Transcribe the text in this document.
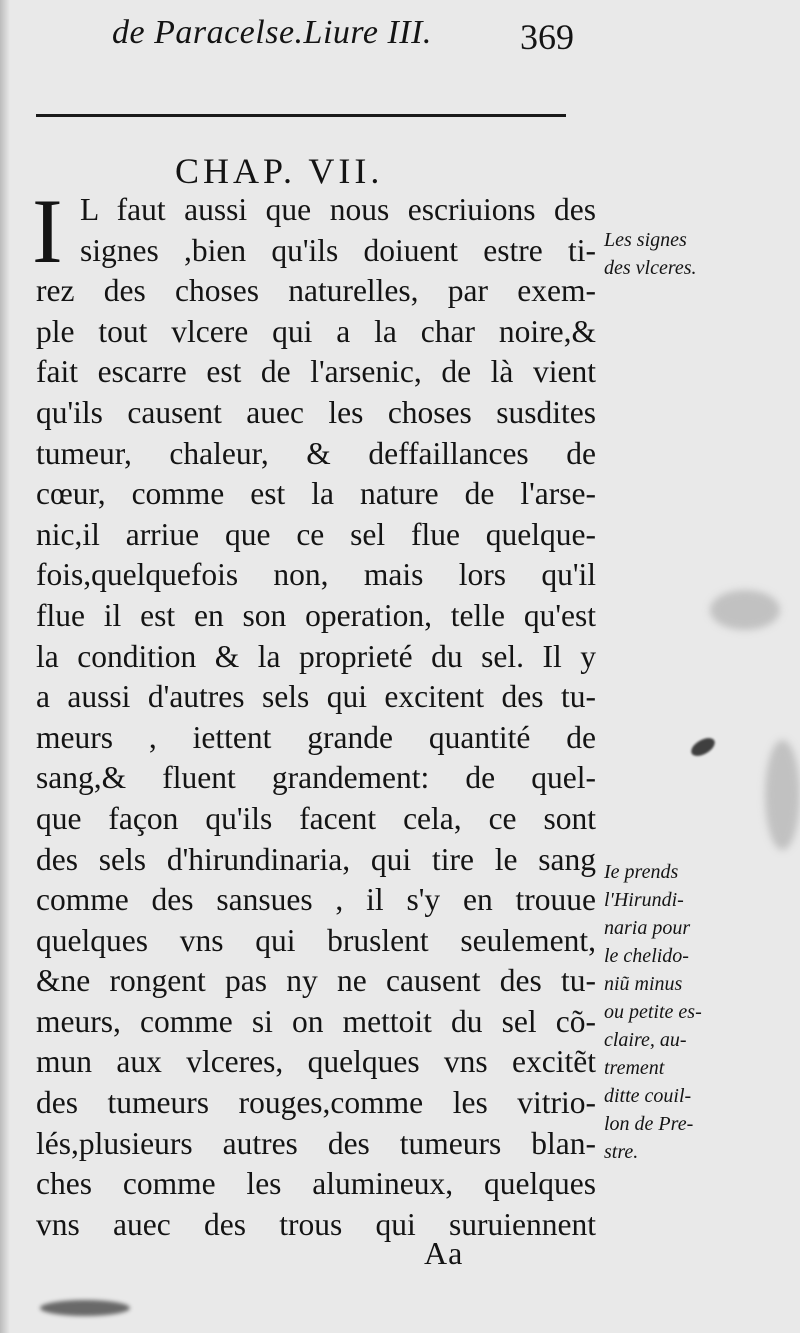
de Paracelse.Liure III. 369
CHAP. VII.
I L faut aussi que nous escriuions des
signes ,bien qu'ils doiuent estre ti-
rez des choses naturelles, par exem-
ple tout vlcere qui a la char noire,&
fait escarre est de l'arsenic, de là vient
qu'ils causent auec les choses susdites
tumeur, chaleur, & deffaillances de
cœur, comme est la nature de l'arse-
nic,il arriue que ce sel flue quelque-
fois,quelquefois non, mais lors qu'il
flue il est en son operation, telle qu'est
la condition & la proprieté du sel. Il y
a aussi d'autres sels qui excitent des tu-
meurs , iettent grande quantité de
sang,& fluent grandement: de quel-
que façon qu'ils facent cela, ce sont
des sels d'hirundinaria, qui tire le sang
comme des sansues , il s'y en trouue
quelques vns qui bruslent seulement,
&ne rongent pas ny ne causent des tu-
meurs, comme si on mettoit du sel cõ-
mun aux vlceres, quelques vns excitẽt
des tumeurs rouges,comme les vitrio-
lés,plusieurs autres des tumeurs blan-
ches comme les alumineux, quelques
vns auec des trous qui suruiennent
Les signes
des vlceres.
Ie prends
l'Hirundi-
naria pour
le chelido-
niũ minus
ou petite es-
claire, au-
trement
ditte couil-
lon de Pre-
stre.
Aa
